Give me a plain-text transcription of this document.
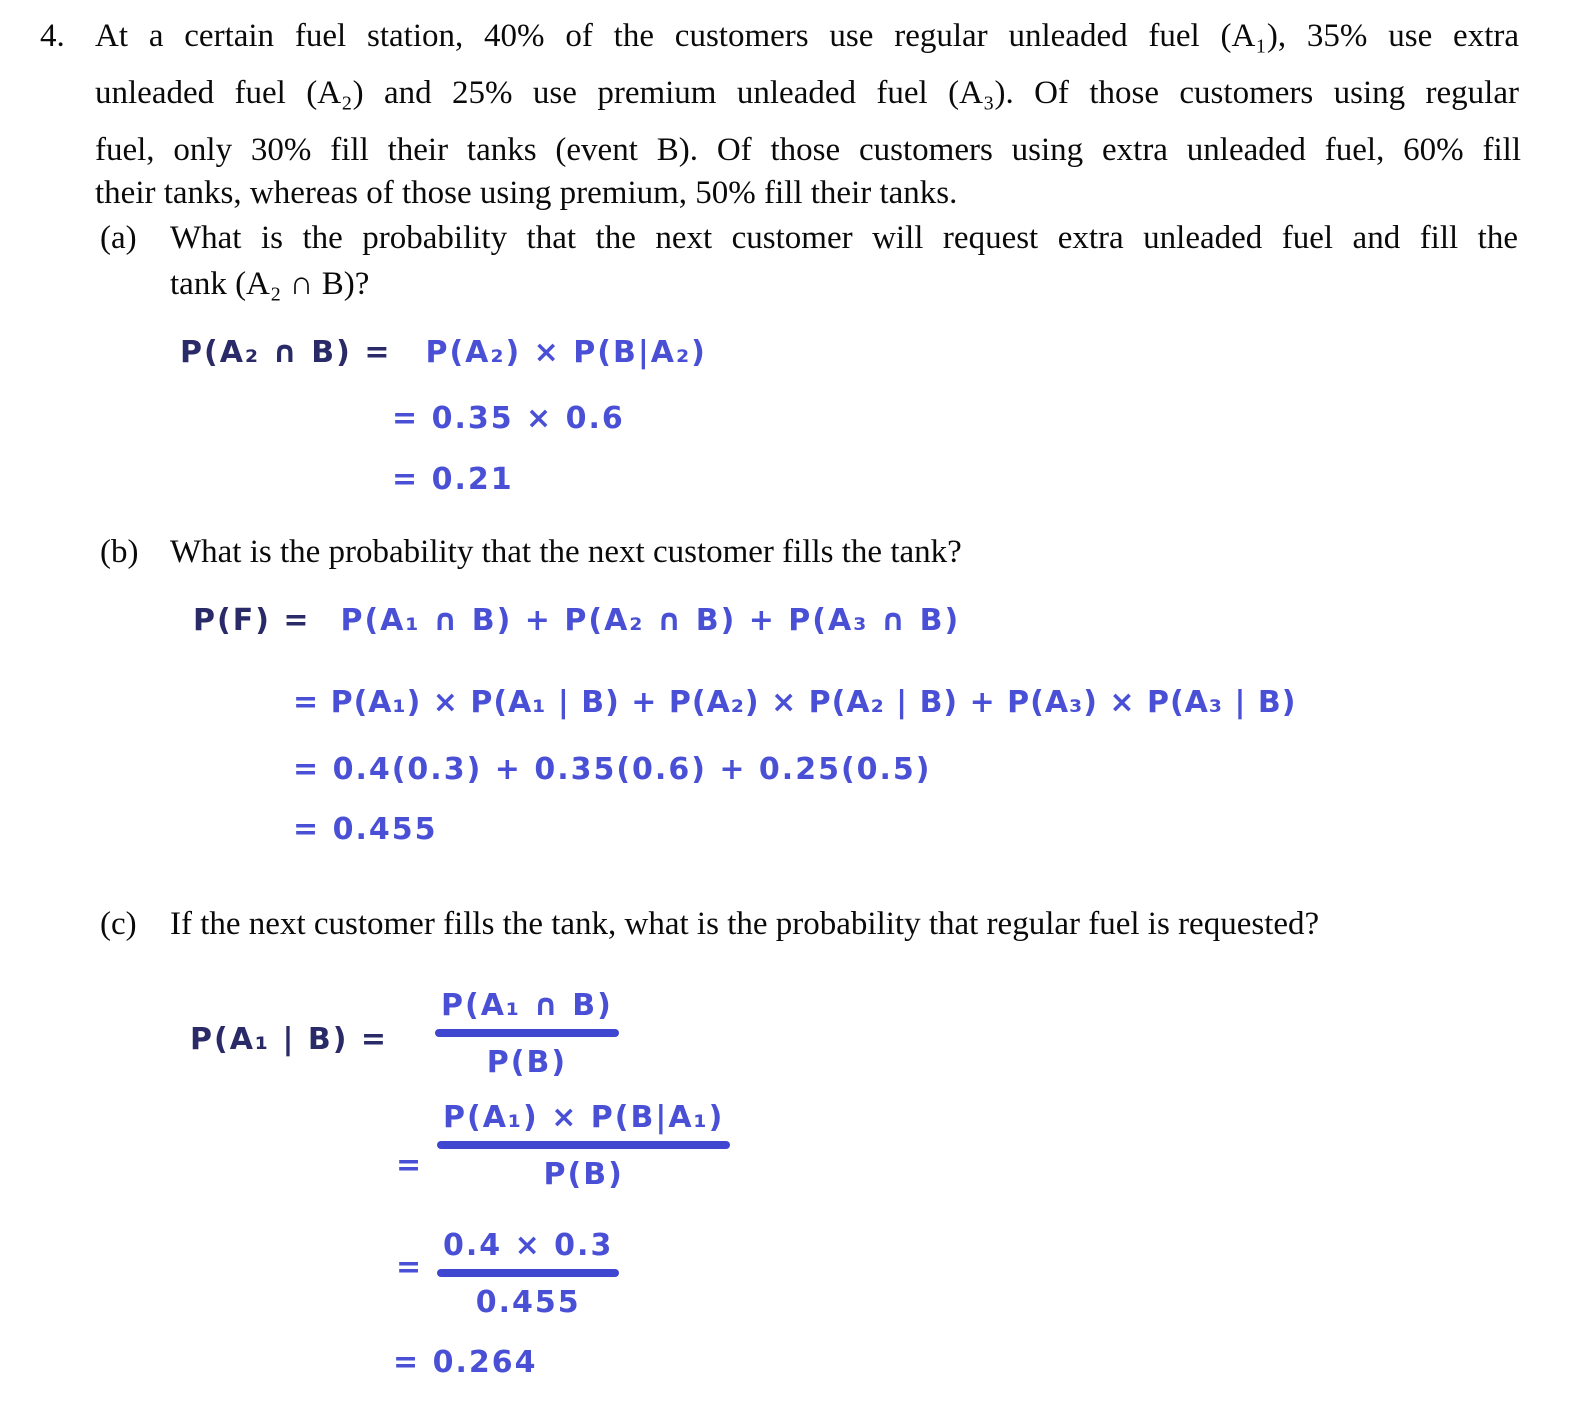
4. At a certain fuel station, 40% of the customers use regular unleaded fuel (A₁), 35% use extra
unleaded fuel (A₂) and 25% use premium unleaded fuel (A₃). Of those customers using regular
fuel, only 30% fill their tanks (event B). Of those customers using extra unleaded fuel, 60% fill
their tanks, whereas of those using premium, 50% fill their tanks.
(a) What is the probability that the next customer will request extra unleaded fuel and fill the
tank (A₂ ∩ B)?
P(A₂ ∩ B) = P(A₂) × P(B|A₂)
= 0.35 × 0.6
= 0.21
(b) What is the probability that the next customer fills the tank?
P(F) = P(A₁ ∩ B) + P(A₂ ∩ B) + P(A₃ ∩ B)
= P(A₁) × P(A₁ | B) + P(A₂) × P(A₂ | B) + P(A₃) × P(A₃ | B)
= 0.4(0.3) + 0.35(0.6) + 0.25(0.5)
= 0.455
(c) If the next customer fills the tank, what is the probability that regular fuel is requested?
P(A₁ | B) =
P(A₁ ∩ B)
P(B)
=
P(A₁) × P(B|A₁)
P(B)
=
0.4 × 0.3
0.455
= 0.264
